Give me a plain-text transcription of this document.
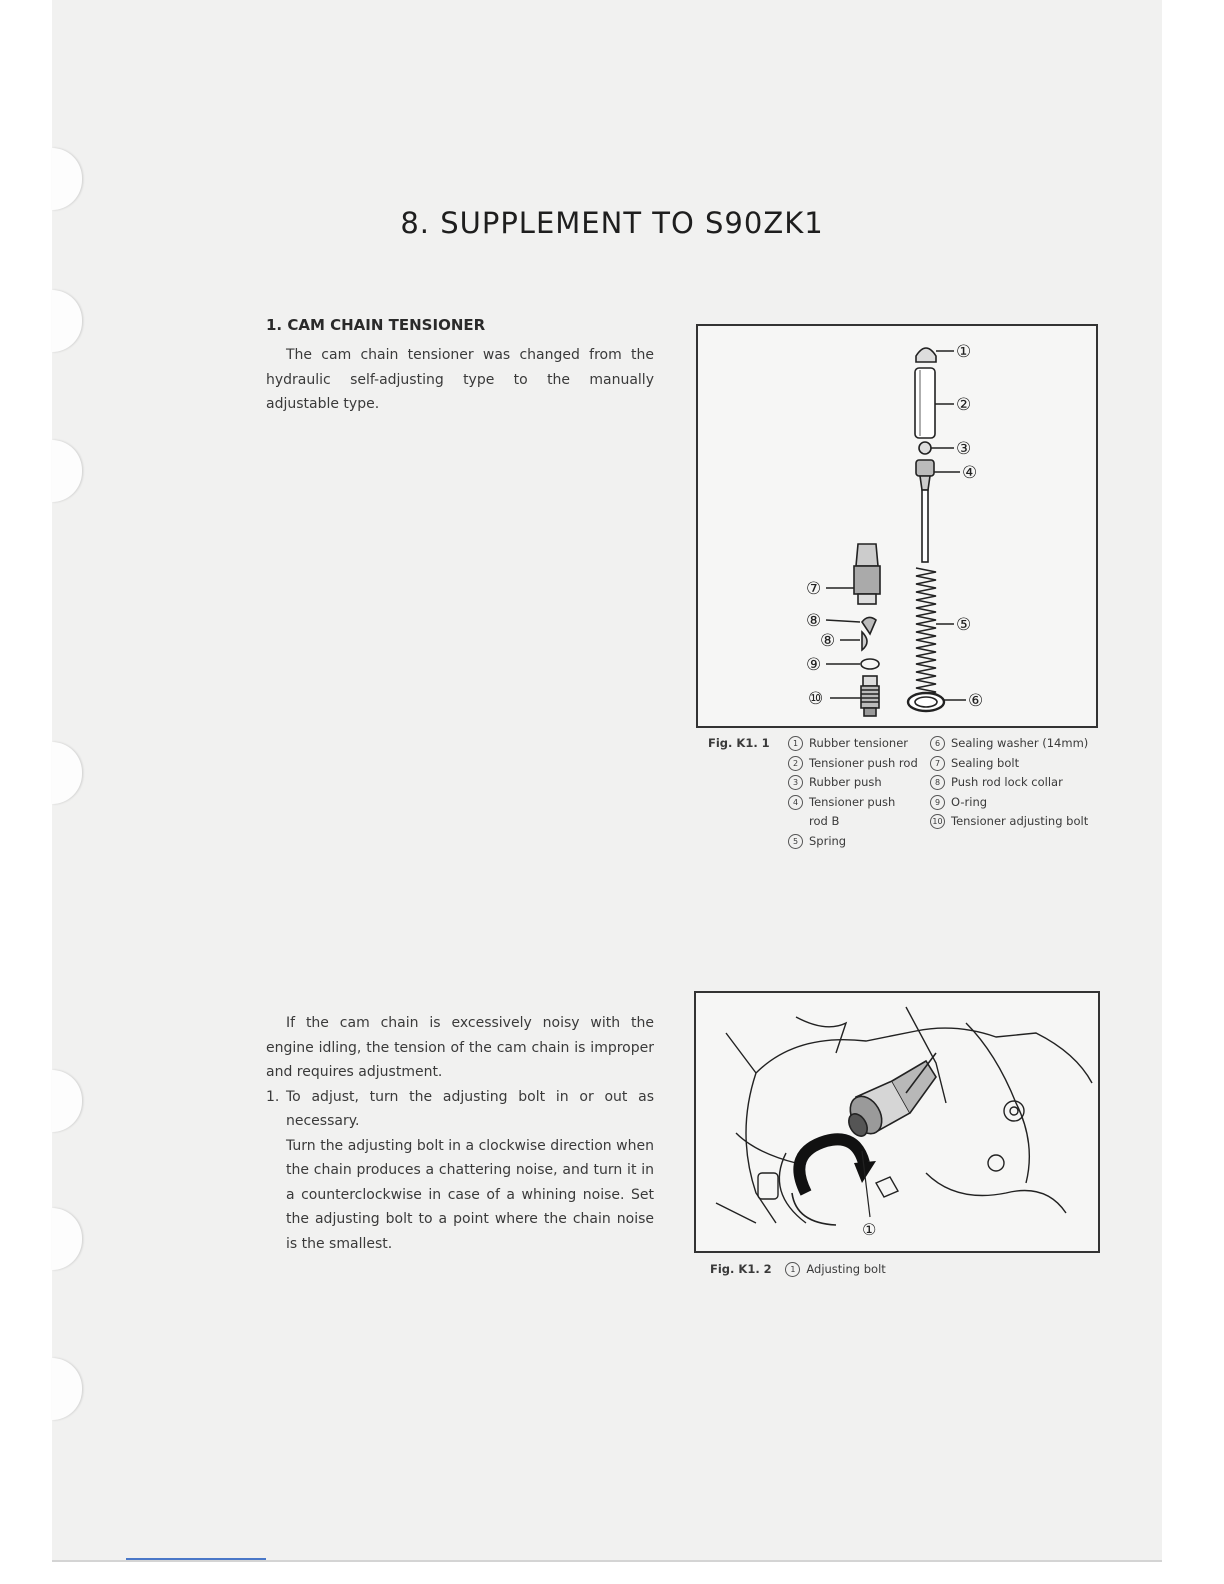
8. SUPPLEMENT TO S90ZK1
1. CAM CHAIN TENSIONER

The cam chain tensioner was changed from the hydraulic self-adjusting type to the manually adjustable type.

①
②
③
④
⑤
⑥
⑦
⑧
⑧
⑨
⑩
Fig. K1. 1	1 Rubber tensioner
2 Tensioner push rod
3 Rubber push
4 Tensioner push
rod B
5 Spring
6 Sealing washer (14mm)
7 Sealing bolt
8 Push rod lock collar
9 O-ring
10 Tensioner adjusting bolt

If the cam chain is excessively noisy with the engine idling, the tension of the cam chain is improper and requires adjustment.

1. To adjust, turn the adjusting bolt in or out as necessary.
Turn the adjusting bolt in a clockwise direction when the chain produces a chattering noise, and turn it in a counterclockwise in case of a whining noise. Set the adjusting bolt to a point where the chain noise is the smallest.
①
Fig. K1. 2 1 Adjusting bolt
